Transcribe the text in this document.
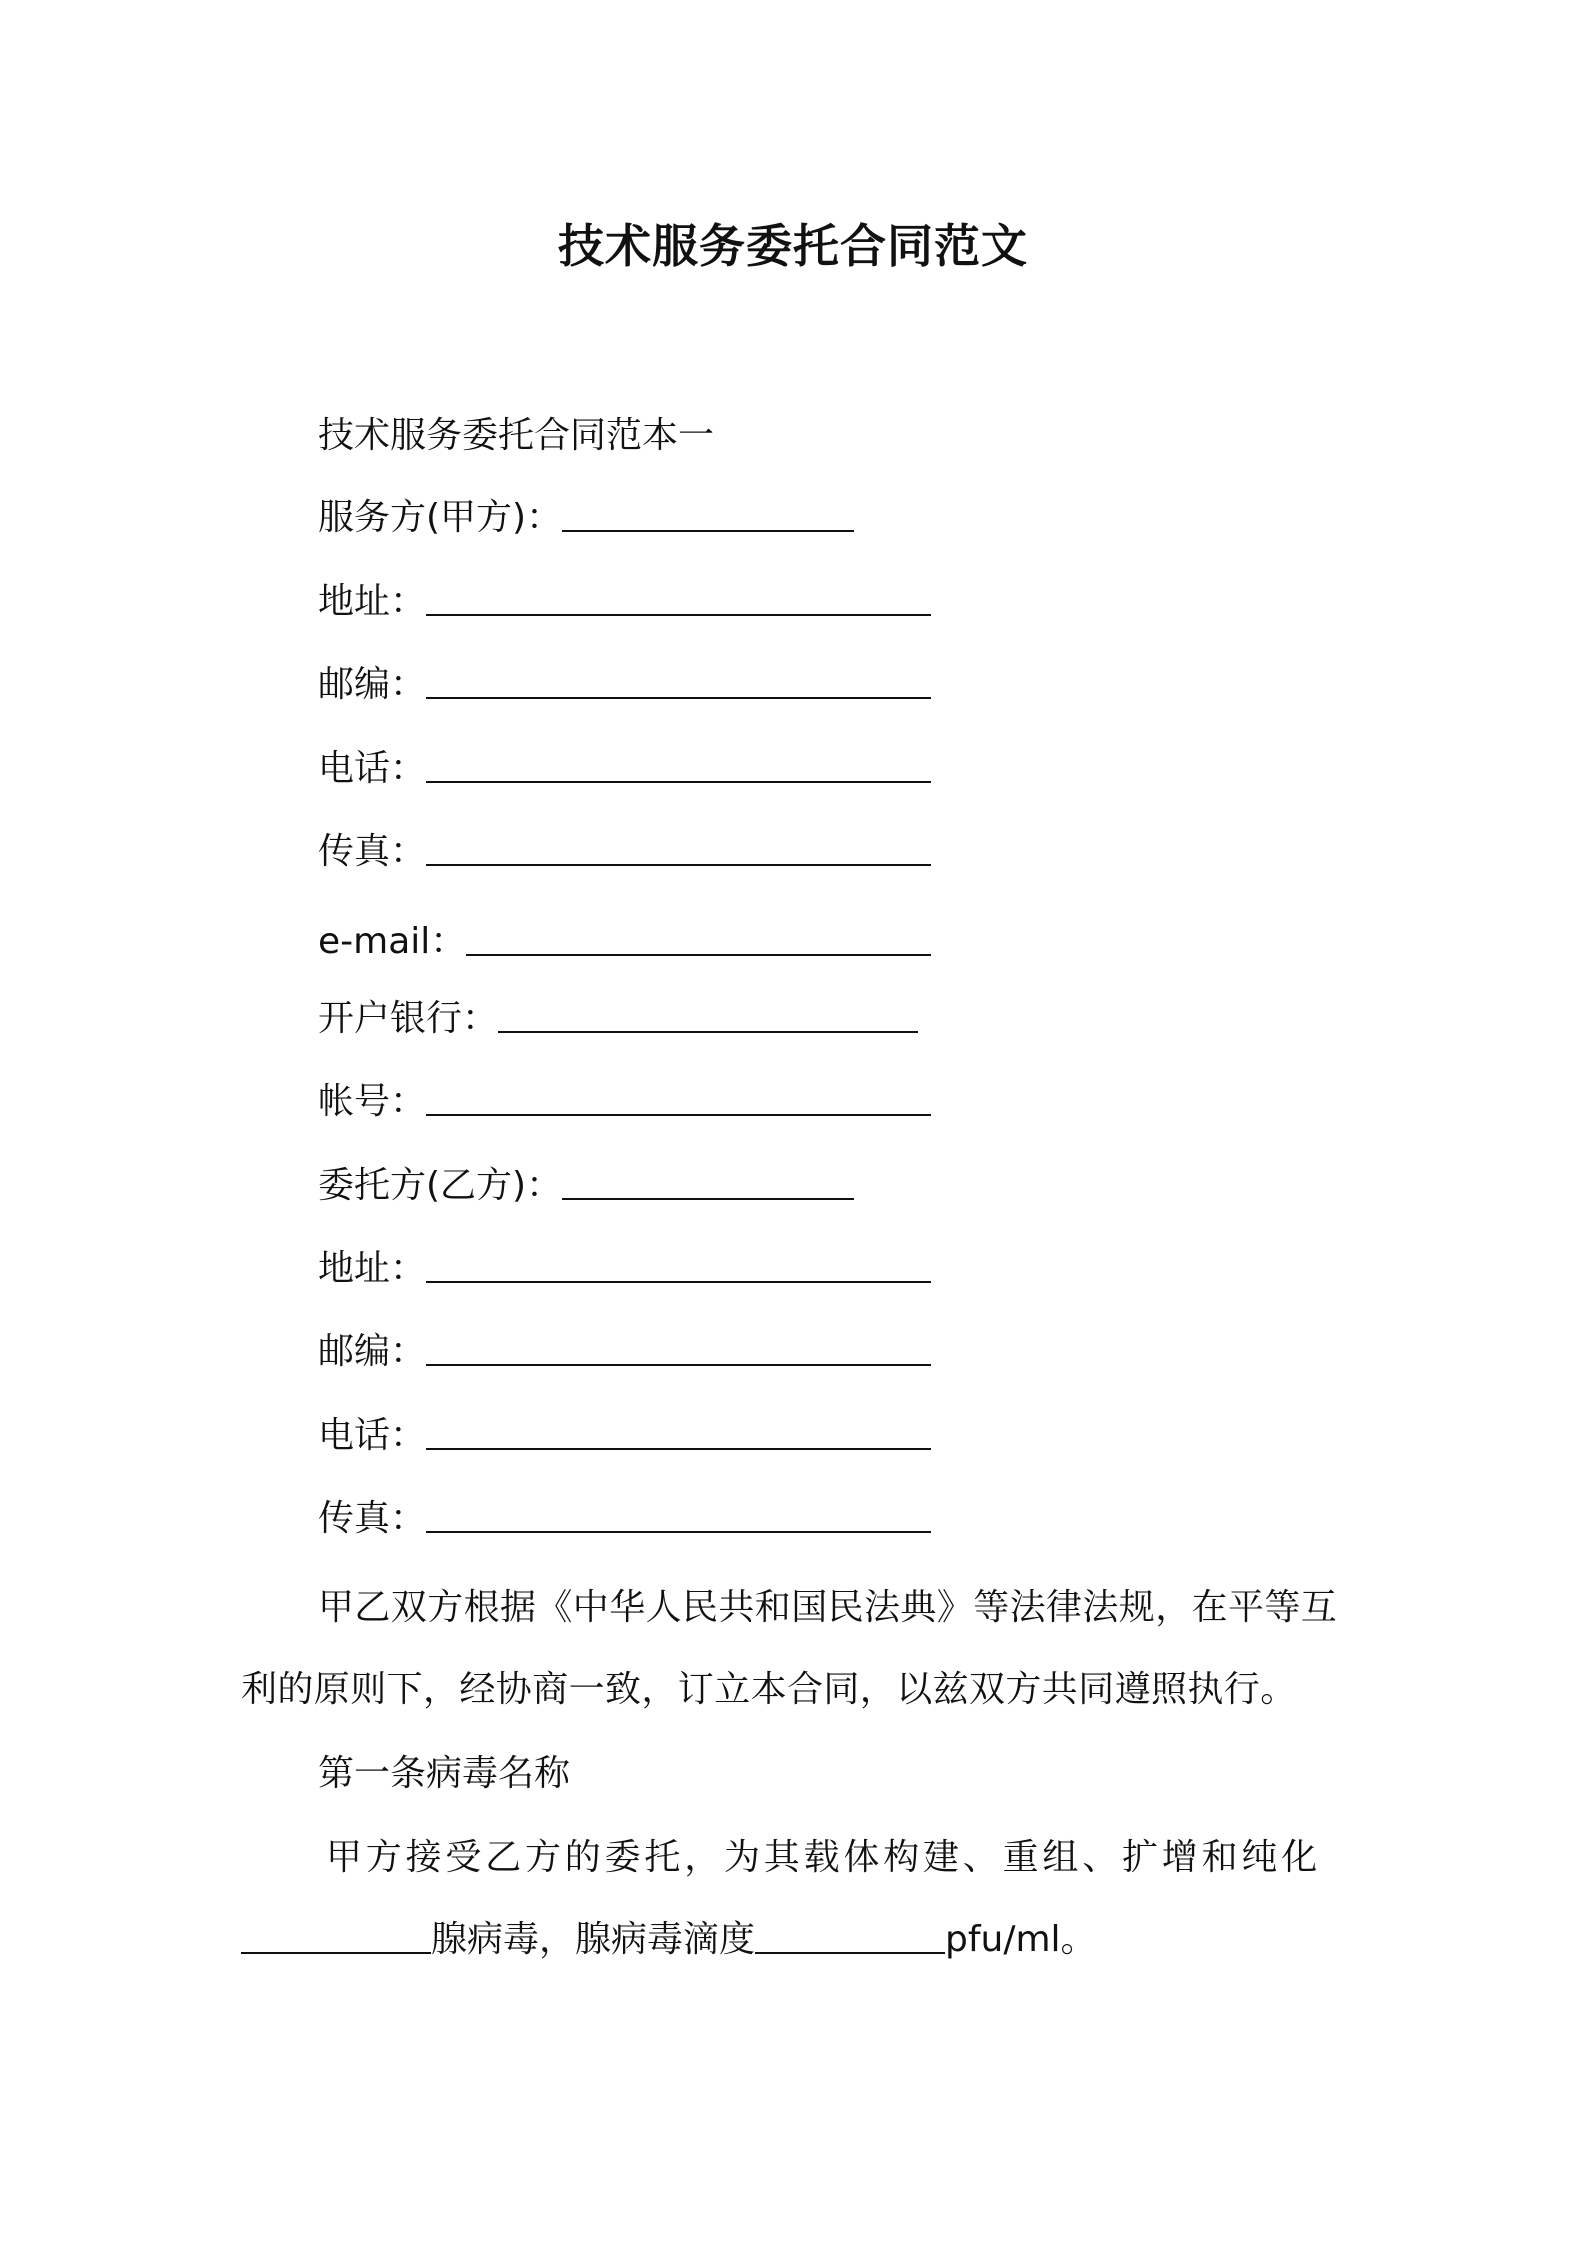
技术服务委托合同范文
技术服务委托合同范本一
服务方(甲方)：
地址：
邮编：
电话：
传真：
e-mail：
开户银行：
帐号：
委托方(乙方)：
地址：
邮编：
电话：
传真：
甲乙双方根据《中华人民共和国民法典》等法律法规，在平等互
利的原则下，经协商一致，订立本合同，以兹双方共同遵照执行。
第一条病毒名称
甲方接受乙方的委托，为其载体构建、重组、扩增和纯化
腺病毒，腺病毒滴度	pfu/ml。
